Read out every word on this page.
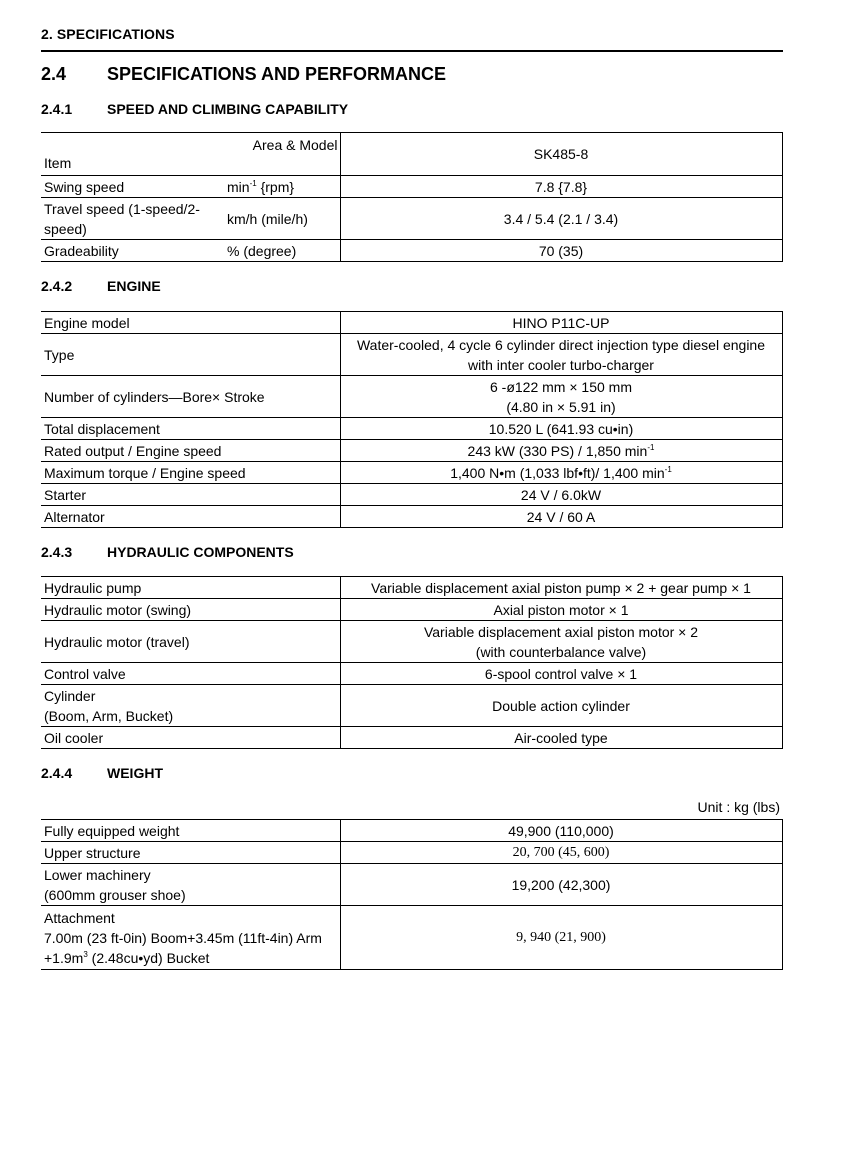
2. SPECIFICATIONS
2.4 SPECIFICATIONS AND PERFORMANCE
2.4.1 SPEED AND CLIMBING CAPABILITY
Area & Model
Item		SK485-8
Swing speed	$\min^{-1} \{rpm\}$	7.8 {7.8}
Travel speed (1-speed/2-speed)	km/h (mile/h)	3.4 / 5.4 (2.1 / 3.4)
Gradeability	% (degree)	70 (35)
2.4.2 ENGINE
Engine model	HINO P11C-UP
Type	Water-cooled, 4 cycle 6 cylinder direct injection type diesel engine
with inter cooler turbo-charger

Number of cylinders—Bore× Stroke	6 -ø122 mm × 150 mm
(4.80 in × 5.91 in)

Total displacement	10.520 L (641.93 cu•in)
Rated output / Engine speed	243 kW (330 PS) / 1,850 $\min^{-1}$
Maximum torque / Engine speed	1,400 N•m (1,033 lbf•ft)/ 1,400 $\min^{-1}$
Starter	24 V / 6.0kW
Alternator	24 V / 60 A
2.4.3 HYDRAULIC COMPONENTS
Hydraulic pump	Variable displacement axial piston pump × 2 + gear pump × 1
Hydraulic motor (swing)	Axial piston motor × 1
Hydraulic motor (travel)	Variable displacement axial piston motor × 2
(with counterbalance valve)

Control valve	6-spool control valve × 1

Cylinder
(Boom, Arm, Bucket)	Double action cylinder
Oil cooler	Air-cooled type
2.4.4 WEIGHT
Unit : kg (lbs)
Fully equipped weight	49,900 (110,000)
Upper structure	20, 700 (45, 600)

Lower machinery
(600mm grouser shoe)	19,200 (42,300)

Attachment
7.00m (23 ft-0in) Boom+3.45m (11ft-4in) Arm
$+1.9m^3$ (2.48cu•yd) Bucket	9, 940 (21, 900)
